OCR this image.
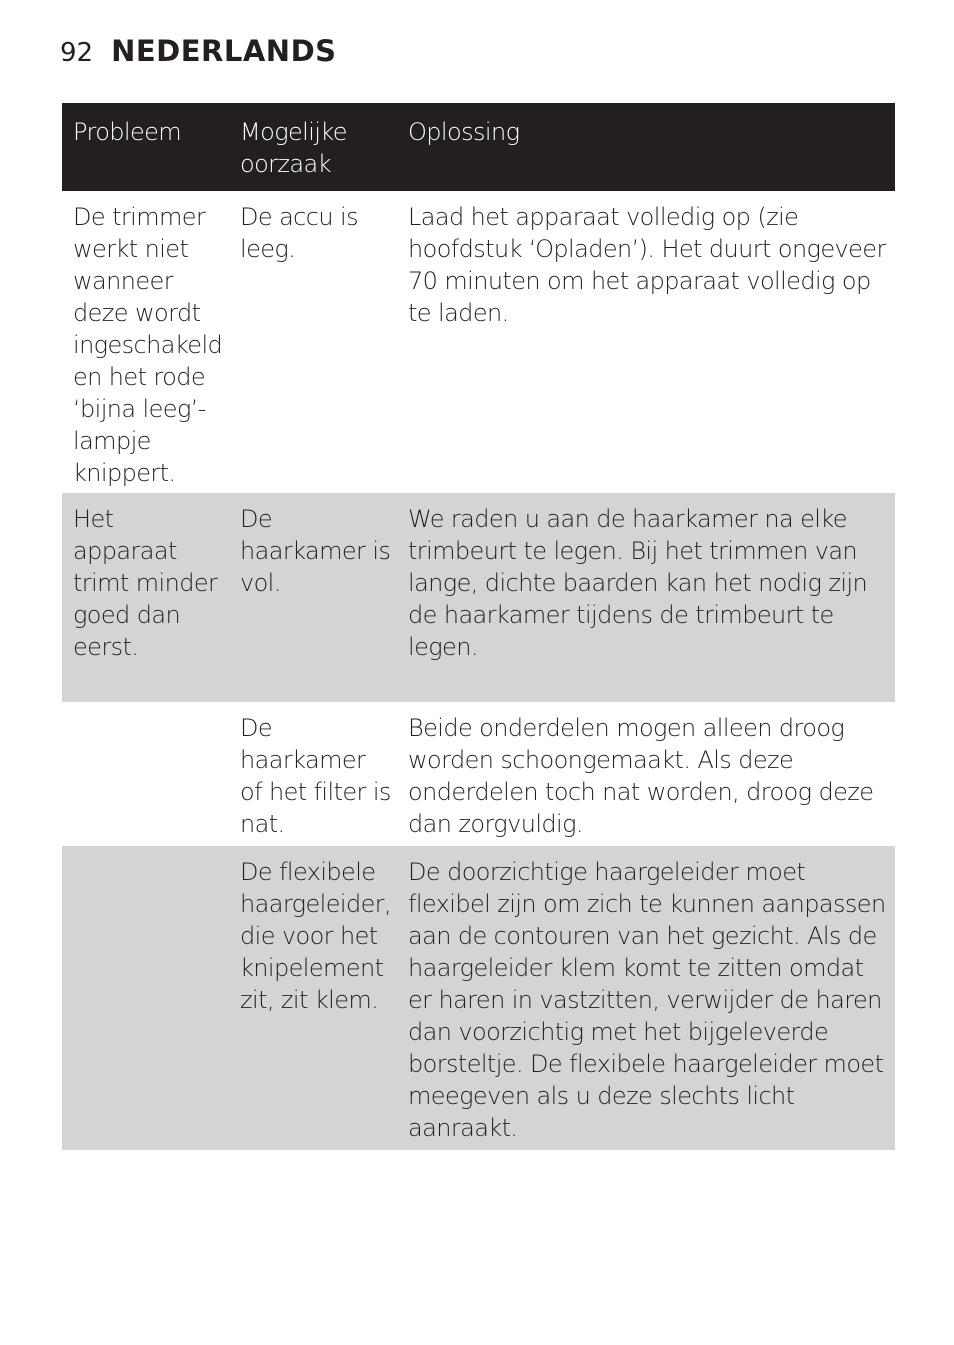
92 NEDERLANDS
Probleem	Mogelijke oorzaak
Oplossing
De trimmer werkt niet wanneer deze wordt ingeschakeld en het rode ‘bijna leeg’-lampje knippert.
De accu is leeg.
Laad het apparaat volledig op (zie hoofdstuk ‘Opladen’). Het duurt ongeveer 70 minuten om het apparaat volledig op te laden.
Het apparaat trimt minder goed dan eerst.
De haarkamer is vol.
We raden u aan de haarkamer na elke trimbeurt te legen. Bij het trimmen van lange, dichte baarden kan het nodig zijn de haarkamer tijdens de trimbeurt te legen.
De haarkamer of het filter is nat.
Beide onderdelen mogen alleen droog worden schoongemaakt. Als deze onderdelen toch nat worden, droog deze dan zorgvuldig.
De flexibele haargeleider, die voor het knipelement zit, zit klem.
De doorzichtige haargeleider moet flexibel zijn om zich te kunnen aanpassen aan de contouren van het gezicht. Als de haargeleider klem komt te zitten omdat er haren in vastzitten, verwijder de haren dan voorzichtig met het bijgeleverde borsteltje. De flexibele haargeleider moet meegeven als u deze slechts licht aanraakt.
